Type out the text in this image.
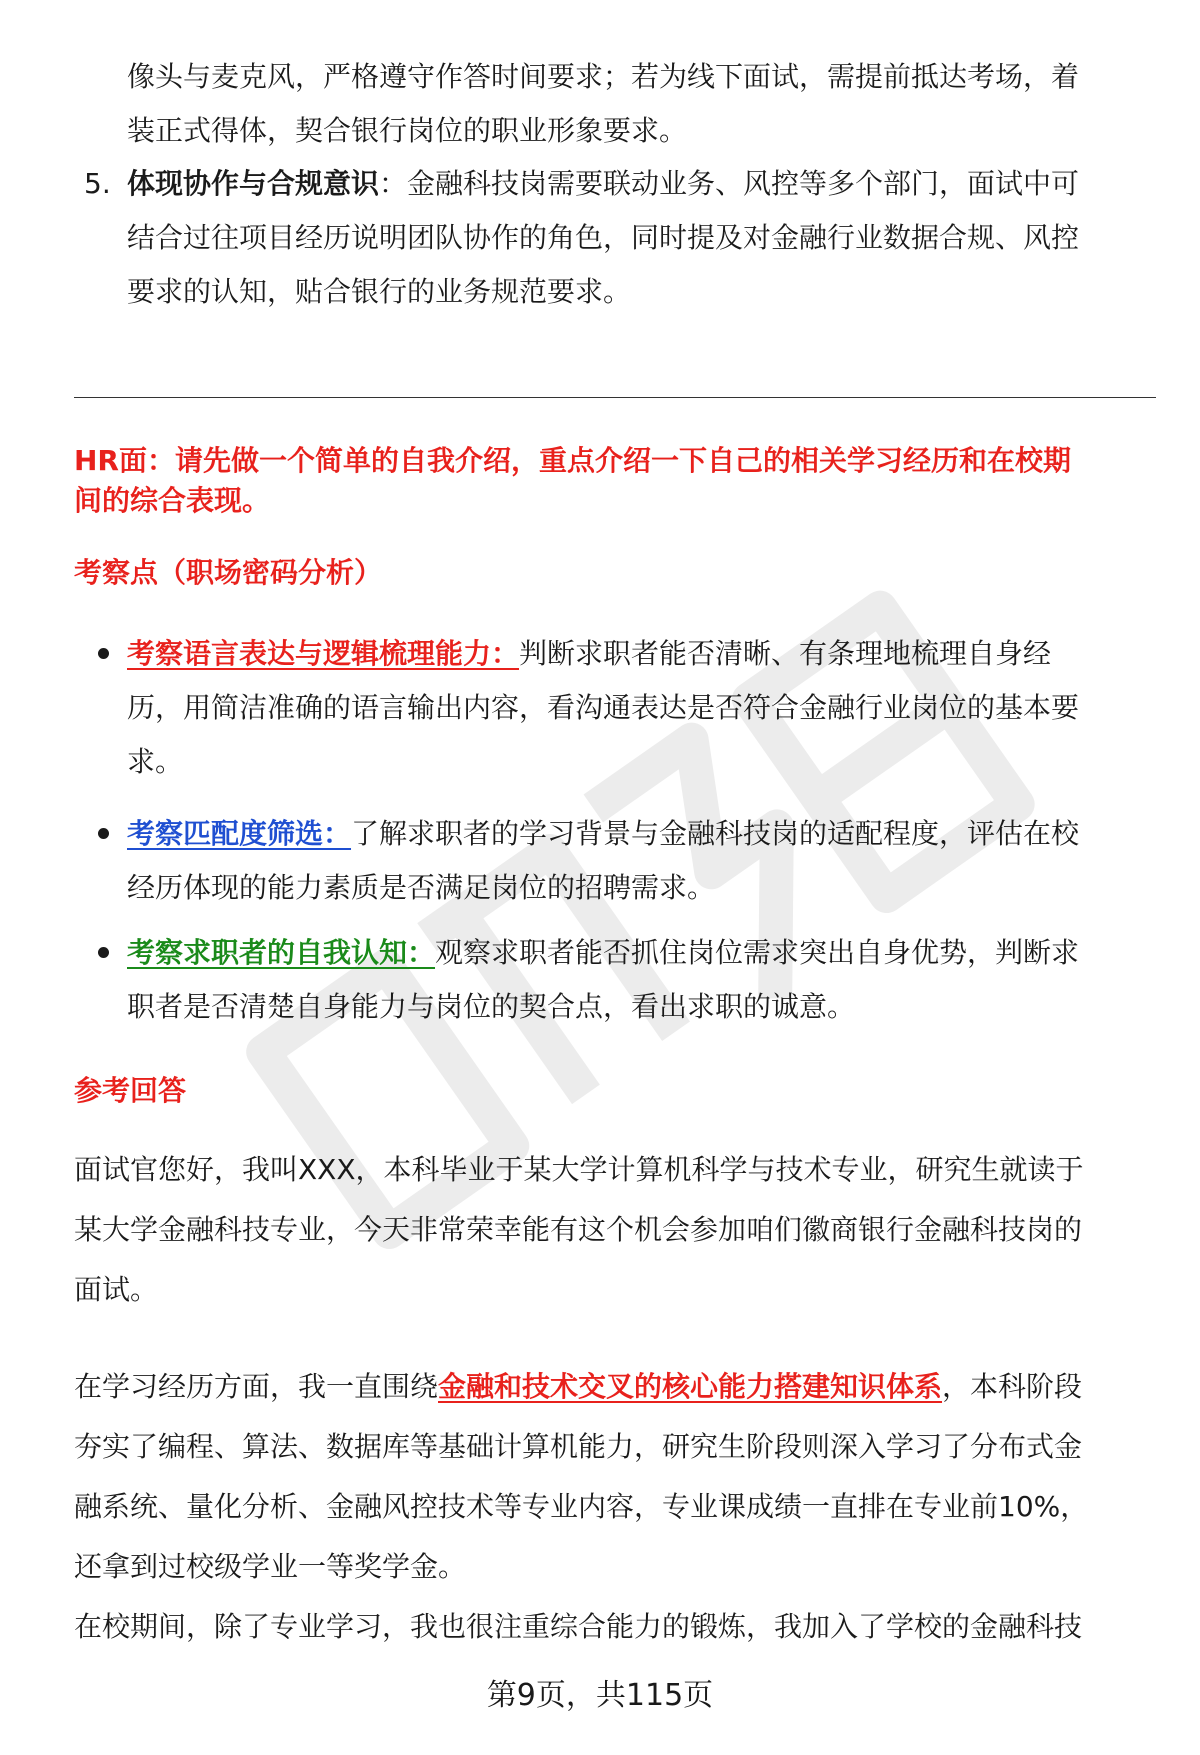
像头与麦克风，严格遵守作答时间要求；若为线下面试，需提前抵达考场，着
装正式得体，契合银行岗位的职业形象要求。
5. 体现协作与合规意识：金融科技岗需要联动业务、风控等多个部门，面试中可
结合过往项目经历说明团队协作的角色，同时提及对金融行业数据合规、风控
要求的认知，贴合银行的业务规范要求。
HR面：请先做一个简单的自我介绍，重点介绍一下自己的相关学习经历和在校期
间的综合表现。
考察点（职场密码分析）
考察语言表达与逻辑梳理能力：判断求职者能否清晰、有条理地梳理自身经
历，用简洁准确的语言输出内容，看沟通表达是否符合金融行业岗位的基本要
求。
考察匹配度筛选：了解求职者的学习背景与金融科技岗的适配程度，评估在校
经历体现的能力素质是否满足岗位的招聘需求。
考察求职者的自我认知：观察求职者能否抓住岗位需求突出自身优势，判断求
职者是否清楚自身能力与岗位的契合点，看出求职的诚意。
参考回答
面试官您好，我叫XXX，本科毕业于某大学计算机科学与技术专业，研究生就读于
某大学金融科技专业，今天非常荣幸能有这个机会参加咱们徽商银行金融科技岗的
面试。
在学习经历方面，我一直围绕金融和技术交叉的核心能力搭建知识体系，本科阶段
夯实了编程、算法、数据库等基础计算机能力，研究生阶段则深入学习了分布式金
融系统、量化分析、金融风控技术等专业内容，专业课成绩一直排在专业前10%，
还拿到过校级学业一等奖学金。
在校期间，除了专业学习，我也很注重综合能力的锻炼，我加入了学校的金融科技
第9页，共115页
